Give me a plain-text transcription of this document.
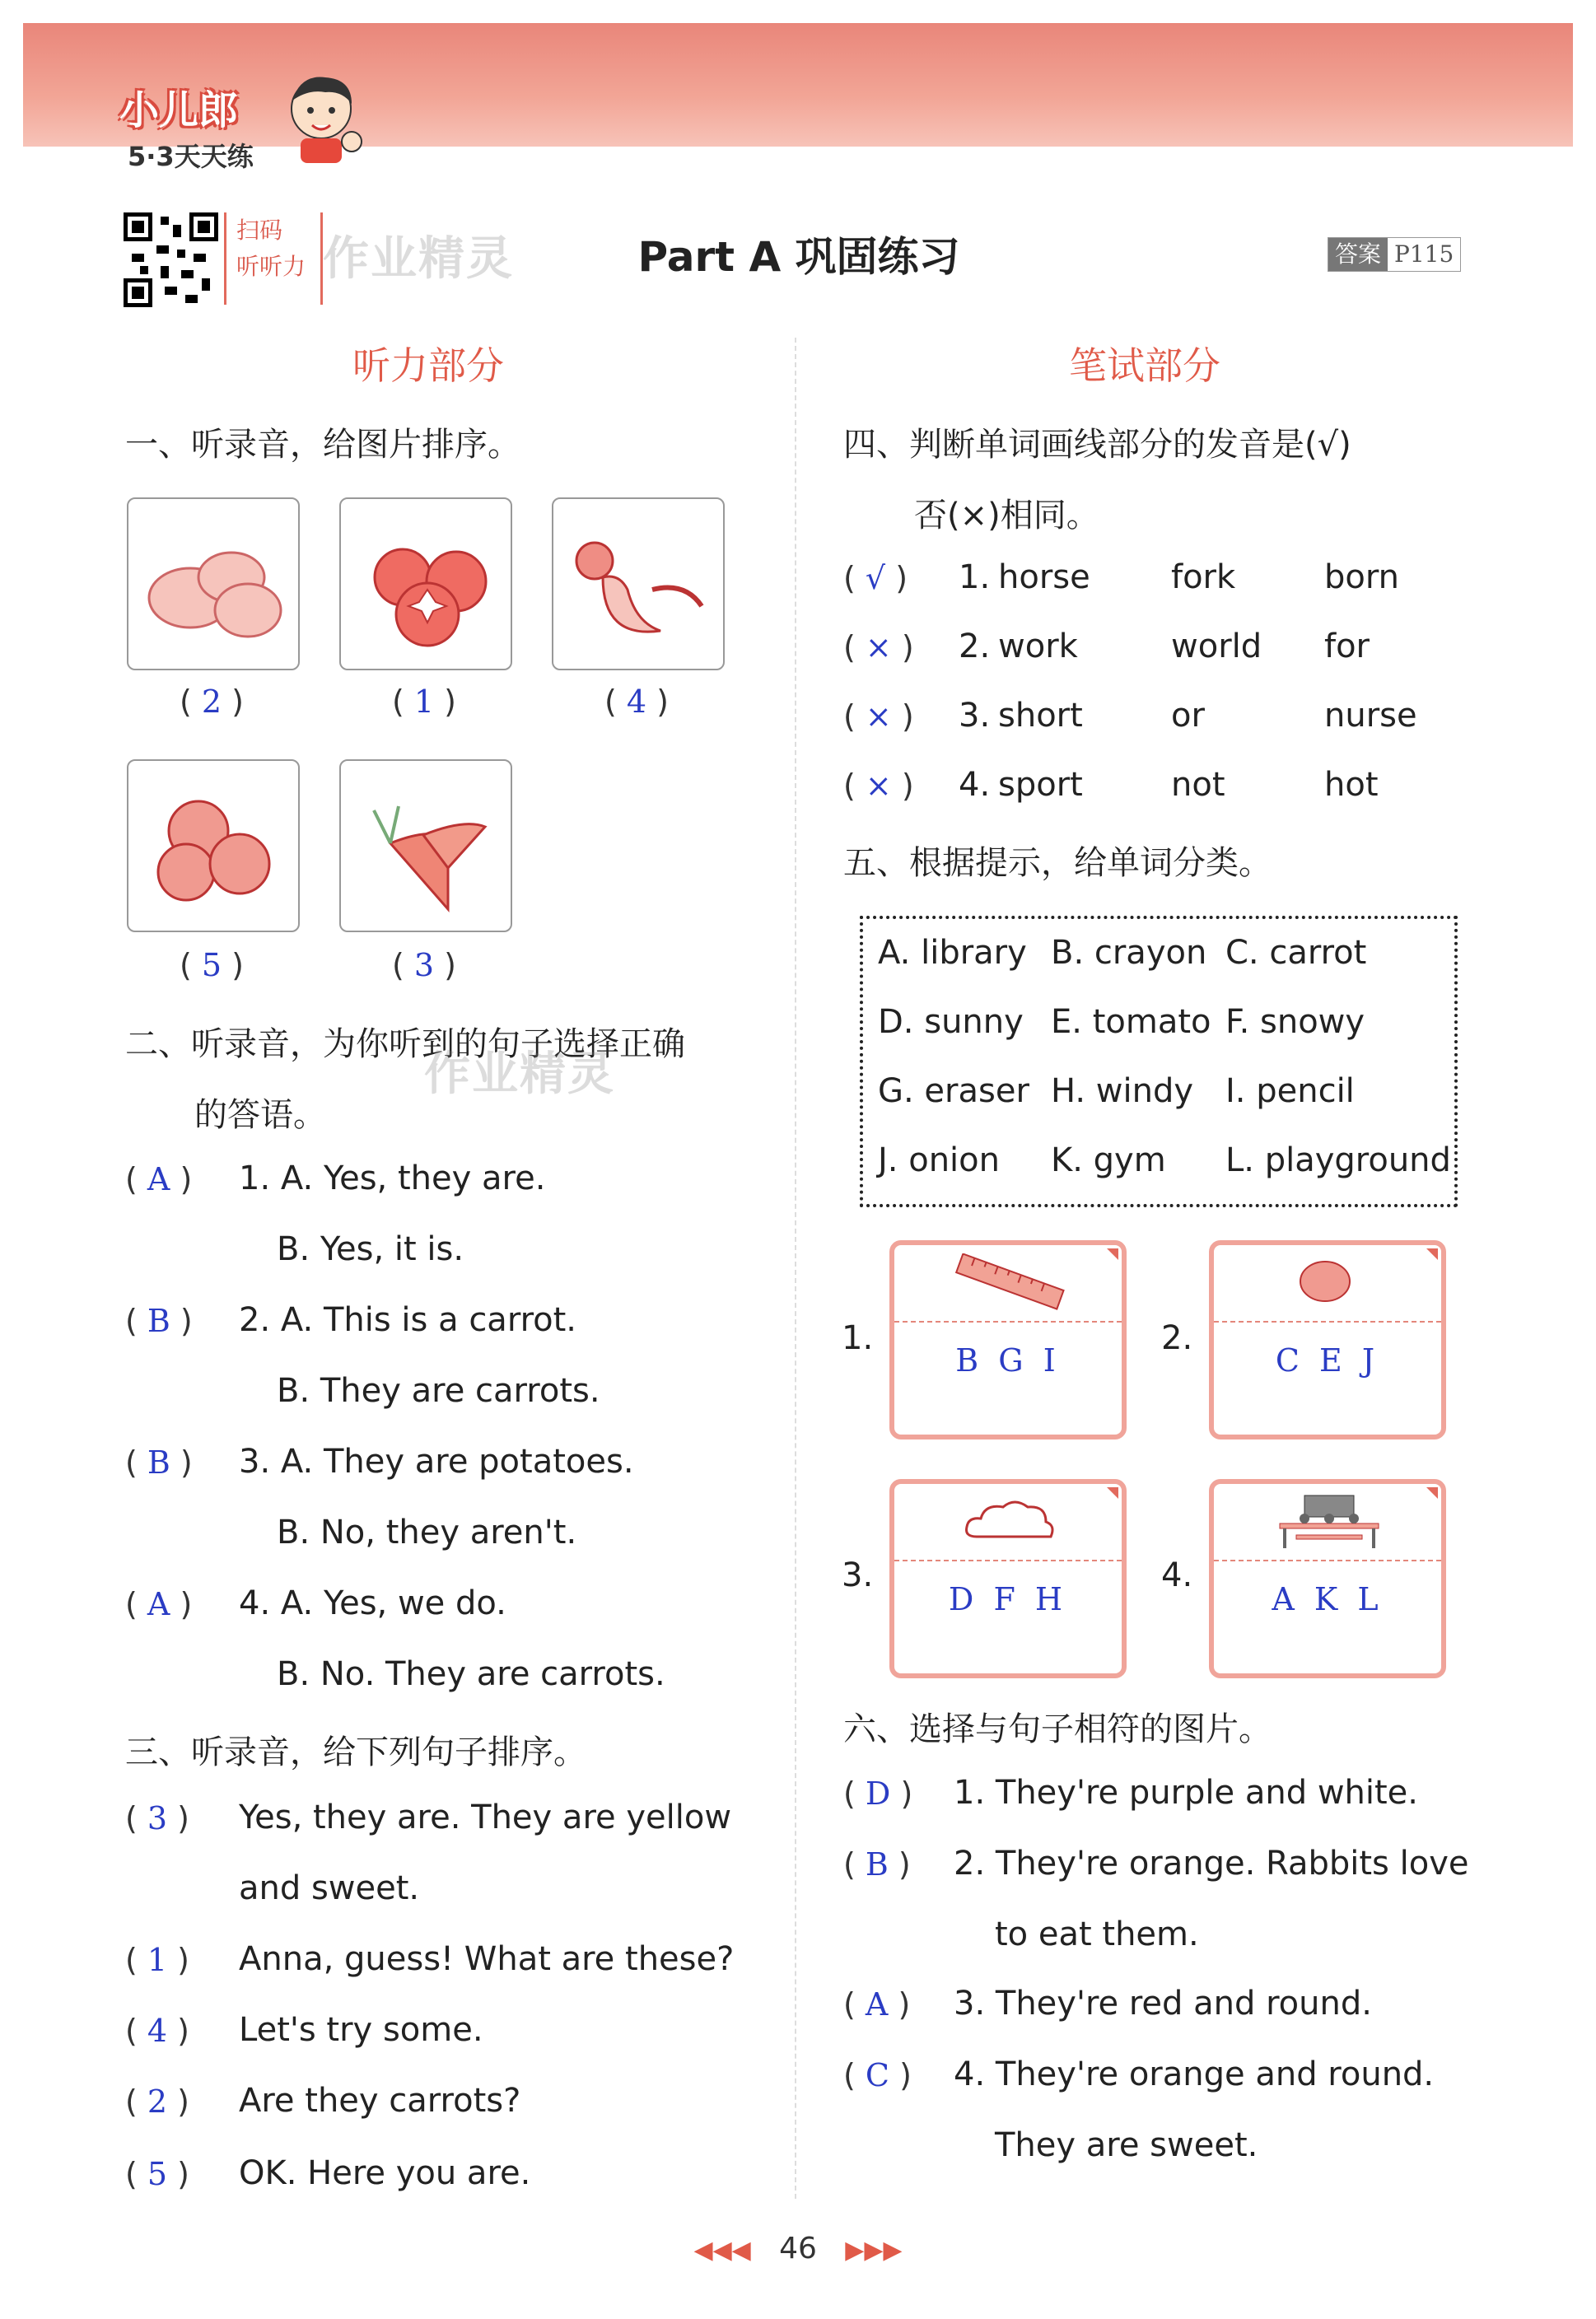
小儿郎
5·3天天练
扫码
听听力 作业精灵	Part A 巩固练习	答案 P115
听力部分
一、听录音，给图片排序。
( 2 )	( 1 )	( 4 )
( 5 )	( 3 )
二、听录音，为你听到的句子选择正确
的答语。
作业精灵
( A ) 1. A. Yes, they are.
B. Yes, it is.
( B ) 2. A. This is a carrot.
B. They are carrots.
( B ) 3. A. They are potatoes.
B. No, they aren't.
( A ) 4. A. Yes, we do.
B. No. They are carrots.
三、听录音，给下列句子排序。
( 3 ) Yes, they are. They are yellow
and sweet.
( 1 ) Anna, guess! What are these?
( 4 ) Let's try some.
( 2 ) Are they carrots?
( 5 ) OK. Here you are.
笔试部分
四、判断单词画线部分的发音是(√)
否(×)相同。
( √ ) 1. horse fork	born
( × ) 2. work	world for
( × ) 3. short	or	nurse
( × ) 4. sport	not	hot
五、根据提示，给单词分类。
A. library B. crayon C. carrot
D. sunny E. tomato F. snowy
G. eraser H. windy I. pencil
J. onion K. gym L. playground
1.
B G I
2.
C E J
3.
D F H
4.
A K L
六、选择与句子相符的图片。
( D ) 1. They're purple and white.
( B ) 2. They're orange. Rabbits love
to eat them.
( A ) 3. They're red and round.
( C ) 4. They're orange and round.
They are sweet.
◀◀◀ 46 ▶▶▶
